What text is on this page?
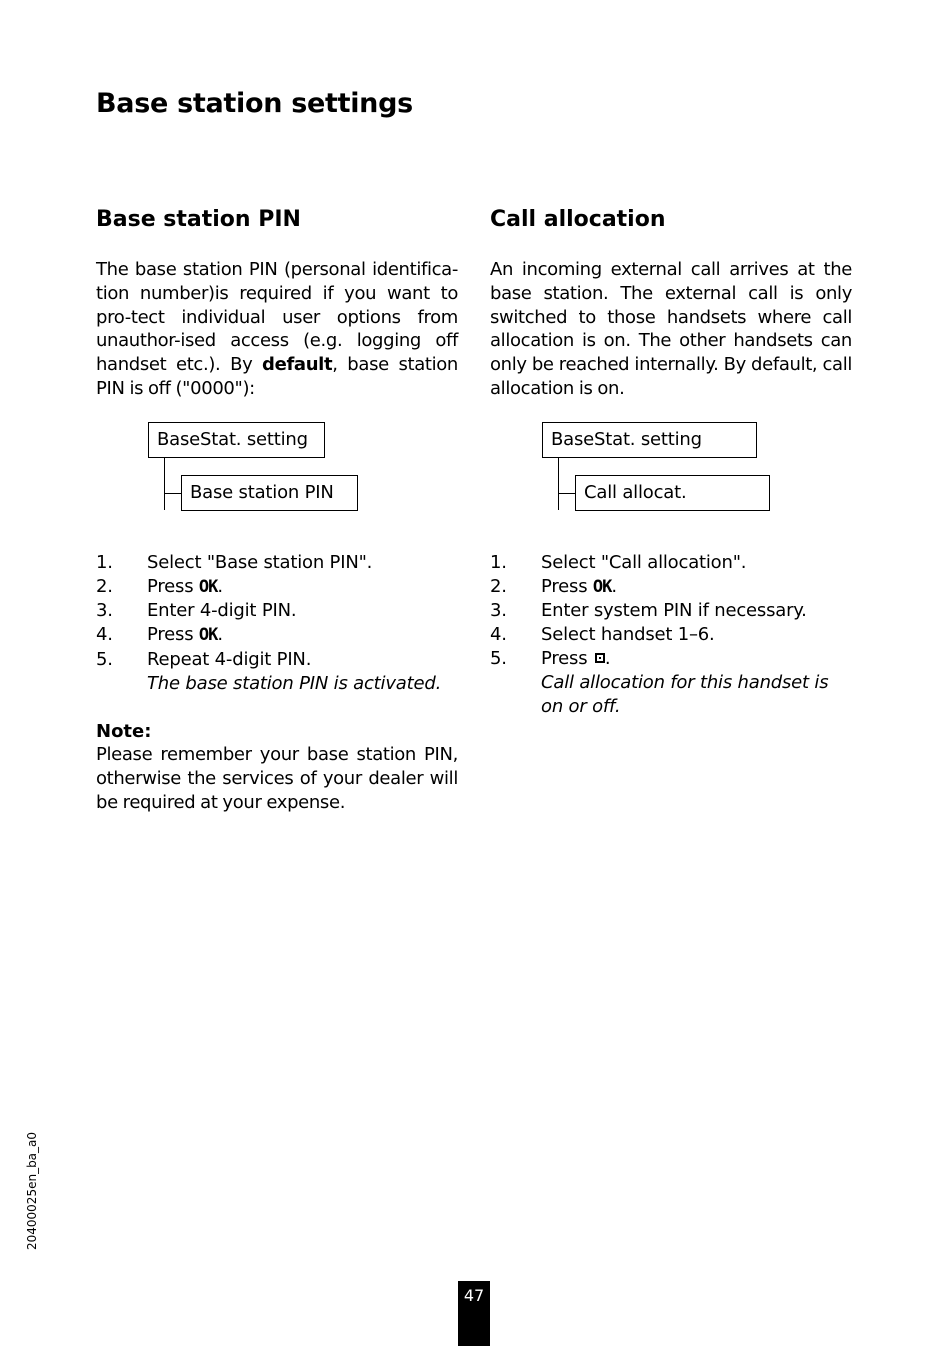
Base station settings
Base station PIN
The base station PIN (personal identifica-tion number)is required if you want to pro-tect individual user options from unauthor-ised access (e.g. logging off handset etc.). By default, base station PIN is off ("0000"):
BaseStat. setting
Base station PIN
1.	Select "Base station PIN".
2.	Press OK.
3.	Enter 4-digit PIN.
4.	Press OK.
5.	Repeat 4-digit PIN.
The base station PIN is activated.
Note:
Please remember your base station PIN, otherwise the services of your dealer will be required at your expense.
Call allocation
An incoming external call arrives at the base station. The external call is only switched to those handsets where call allocation is on. The other handsets can only be reached internally. By default, call allocation is on.
BaseStat. setting
Call allocat.
1.	Select "Call allocation".
2.	Press OK.
3.	Enter system PIN if necessary.
4.	Select handset 1–6.
5.	Press .
Call allocation for this handset is on or off.
20400025en_ba_a0
47
